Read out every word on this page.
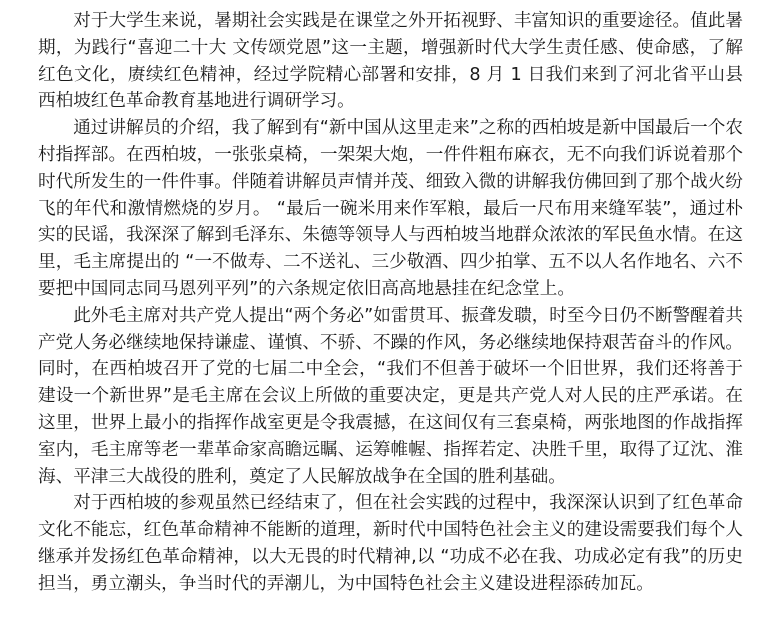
对于大学生来说，暑期社会实践是在课堂之外开拓视野、丰富知识的重要途径。值此暑期，为践行“喜迎二十大 文传颂党恩”这一主题，增强新时代大学生责任感、使命感，了解红色文化，赓续红色精神，经过学院精心部署和安排，8 月 1 日我们来到了河北省平山县西柏坡红色革命教育基地进行调研学习。

通过讲解员的介绍，我了解到有“新中国从这里走来”之称的西柏坡是新中国最后一个农村指挥部。在西柏坡，一张张桌椅，一架架大炮，一件件粗布麻衣，无不向我们诉说着那个时代所发生的一件件事。伴随着讲解员声情并茂、细致入微的讲解我仿佛回到了那个战火纷飞的年代和激情燃烧的岁月。 “最后一碗米用来作军粮，最后一尺布用来缝军装”，通过朴实的民谣，我深深了解到毛泽东、朱德等领导人与西柏坡当地群众浓浓的军民鱼水情。在这里，毛主席提出的 “一不做寿、二不送礼、三少敬酒、四少拍掌、五不以人名作地名、六不要把中国同志同马恩列平列”的六条规定依旧高高地悬挂在纪念堂上。

此外毛主席对共产党人提出“两个务必”如雷贯耳、振聋发聩，时至今日仍不断警醒着共产党人务必继续地保持谦虚、谨慎、不骄、不躁的作风，务必继续地保持艰苦奋斗的作风。同时，在西柏坡召开了党的七届二中全会，“我们不但善于破坏一个旧世界，我们还将善于建设一个新世界”是毛主席在会议上所做的重要决定，更是共产党人对人民的庄严承诺。在这里，世界上最小的指挥作战室更是令我震撼，在这间仅有三套桌椅，两张地图的作战指挥室内，毛主席等老一辈革命家高瞻远瞩、运筹帷幄、指挥若定、决胜千里，取得了辽沈、淮海、平津三大战役的胜利，奠定了人民解放战争在全国的胜利基础。

对于西柏坡的参观虽然已经结束了，但在社会实践的过程中，我深深认识到了红色革命文化不能忘，红色革命精神不能断的道理，新时代中国特色社会主义的建设需要我们每个人继承并发扬红色革命精神，以大无畏的时代精神,以 “功成不必在我、功成必定有我”的历史担当，勇立潮头，争当时代的弄潮儿，为中国特色社会主义建设进程添砖加瓦。
